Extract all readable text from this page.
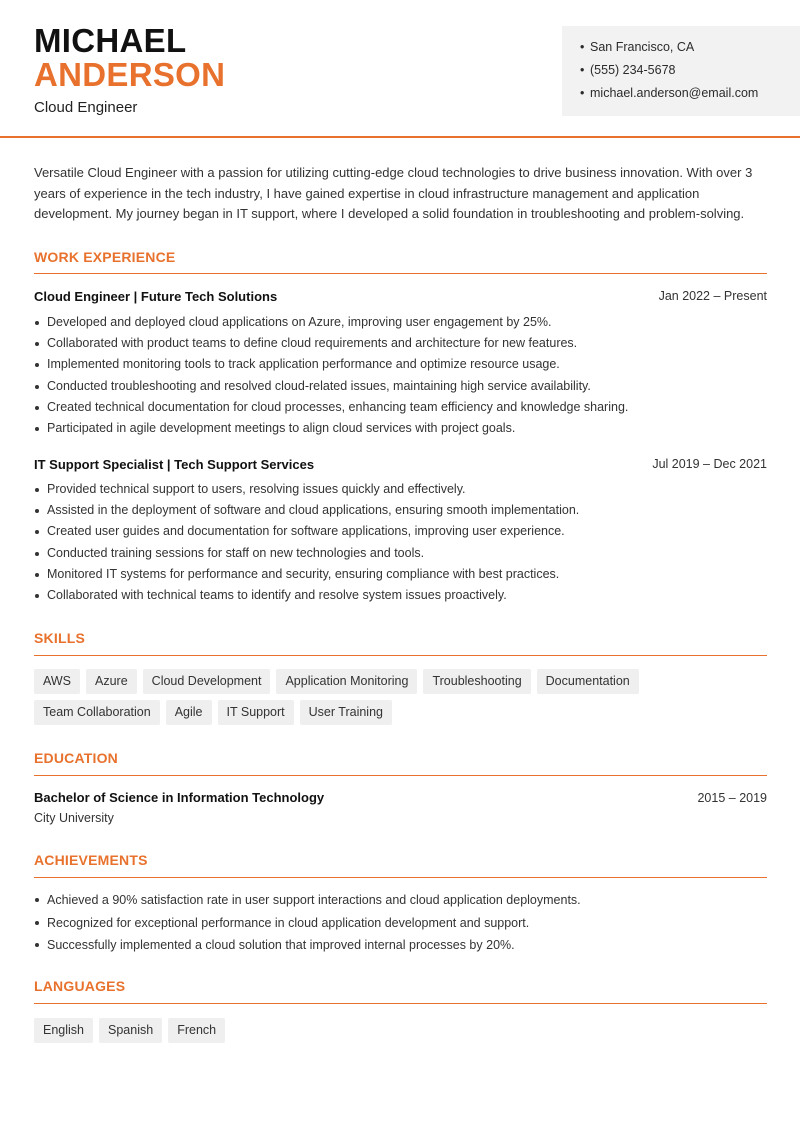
MICHAEL
ANDERSON
Cloud Engineer
• San Francisco, CA
• (555) 234-5678
• michael.anderson@email.com
Versatile Cloud Engineer with a passion for utilizing cutting-edge cloud technologies to drive business innovation. With over 3 years of experience in the tech industry, I have gained expertise in cloud infrastructure management and application development. My journey began in IT support, where I developed a solid foundation in troubleshooting and problem-solving.
WORK EXPERIENCE
Cloud Engineer | Future Tech Solutions	Jan 2022 – Present
Developed and deployed cloud applications on Azure, improving user engagement by 25%.
Collaborated with product teams to define cloud requirements and architecture for new features.
Implemented monitoring tools to track application performance and optimize resource usage.
Conducted troubleshooting and resolved cloud-related issues, maintaining high service availability.
Created technical documentation for cloud processes, enhancing team efficiency and knowledge sharing.
Participated in agile development meetings to align cloud services with project goals.
IT Support Specialist | Tech Support Services	Jul 2019 – Dec 2021
Provided technical support to users, resolving issues quickly and effectively.
Assisted in the deployment of software and cloud applications, ensuring smooth implementation.
Created user guides and documentation for software applications, improving user experience.
Conducted training sessions for staff on new technologies and tools.
Monitored IT systems for performance and security, ensuring compliance with best practices.
Collaborated with technical teams to identify and resolve system issues proactively.
SKILLS
AWS Azure Cloud Development Application Monitoring Troubleshooting DocumentationTeam Collaboration Agile IT Support User Training
EDUCATION
Bachelor of Science in Information Technology	2015 – 2019
City University
ACHIEVEMENTS
Achieved a 90% satisfaction rate in user support interactions and cloud application deployments.
Recognized for exceptional performance in cloud application development and support.
Successfully implemented a cloud solution that improved internal processes by 20%.
LANGUAGES
English Spanish French
